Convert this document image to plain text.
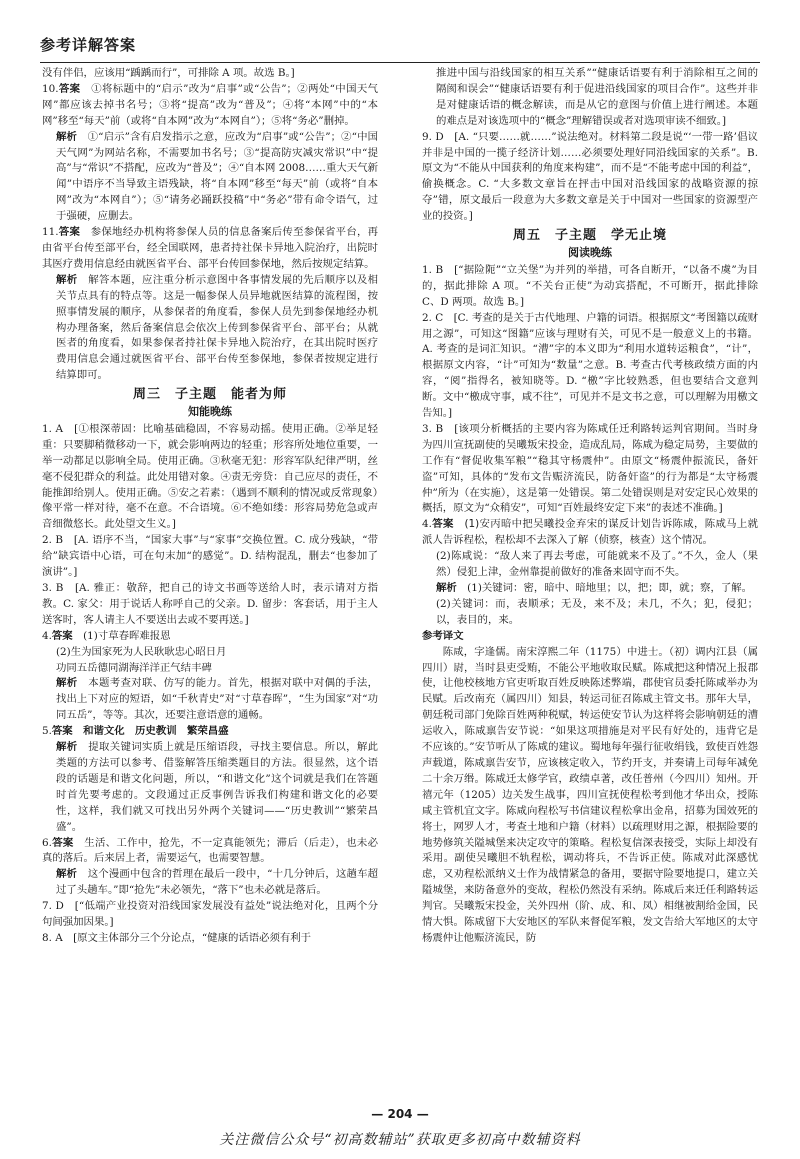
参考详解答案

没有伴侣，应该用“踽踽而行”，可排除 A 项。故选 B。]

10.答案　 ①将标题中的“启示”改为“启事”或“公告”；②两处“中国天气网”都应该去掉书名号；③将“提高”改为“普及”；④将“本网”中的“本网”移至“每天”前（或将“自本网”改为“本网自”）；⑤将“务必”删掉。

解析　 ①“启示”含有启发指示之意，应改为“启事”或“公告”；②“中国天气网”为网站名称，不需要加书名号；③“提高防灾减灾常识”中“提高”与“常识”不搭配，应改为“普及”；④“自本网 2008……重大天气新闻”中语序不当导致主语残缺，将“自本网”移至“每天”前（或将“自本网”改为“本网自”）；⑤“请务必踊跃投稿”中“务必”带有命令语气，过于强硬，应删去。

11.答案　 参保地经办机构将参保人员的信息备案后传至参保省平台，再由省平台传至部平台，经全国联网，患者持社保卡异地入院治疗，出院时其医疗费用信息经由就医省平台、部平台传回参保地，然后按规定结算。

解析　 解答本题，应注重分析示意图中各事情发展的先后顺序以及相关节点具有的特点等。这是一幅参保人员异地就医结算的流程图，按照事情发展的顺序，从参保者的角度看，参保人员先到参保地经办机构办理备案，然后备案信息会依次上传到参保省平台、部平台；从就医者的角度看，如果参保者持社保卡异地入院治疗，在其出院时医疗费用信息会通过就医省平台、部平台传至参保地，参保者按规定进行结算即可。

周三　子主题　能者为师
知能晚练

1. A　[①根深蒂固：比喻基础稳固，不容易动摇。使用正确。②举足轻重：只要脚稍微移动一下，就会影响两边的轻重；形容所处地位重要，一举一动都足以影响全局。使用正确。③秋毫无犯：形容军队纪律严明，丝毫不侵犯群众的利益。此处用错对象。④责无旁贷：自己应尽的责任，不能推卸给别人。使用正确。⑤安之若素：（遇到不顺利的情况或反常现象）像平常一样对待，毫不在意。不合语境。⑥不绝如缕：形容局势危急或声音细微悠长。此处望文生义。]

2. B　[A. 语序不当，“国家大事”与“家事”交换位置。C. 成分残缺，“带给”缺宾语中心语，可在句末加“的感觉”。D. 结构混乱，删去“也参加了演讲”。]

3. B　[A. 雅正：敬辞，把自己的诗文书画等送给人时，表示请对方指教。C. 家父：用于说话人称呼自己的父亲。D. 留步：客套话，用于主人送客时，客人请主人不要送出去或不要再送。]

4.答案　 (1)寸草春晖难报恩

(2)生为国家死为人民耿耿忠心昭日月

功同五岳德同湖海洋洋正气结丰碑

解析　 本题考查对联、仿写的能力。首先，根据对联中对偶的手法，找出上下对应的短语，如“千秋青史”对“寸草春晖”，“生为国家”对“功同五岳”，等等。其次，还要注意语意的通畅。

5.答案　 和谐文化　历史教训　繁荣昌盛

解析　 提取关键词实质上就是压缩语段，寻找主要信息。所以，解此类题的方法可以参考、借鉴解答压缩类题目的方法。很显然，这个语段的话题是和谐文化问题，所以，“和谐文化”这个词就是我们在答题时首先要考虑的。文段通过正反事例告诉我们构建和谐文化的必要性，这样，我们就又可找出另外两个关键词——“历史教训”“繁荣昌盛”。

6.答案　 生活、工作中，抢先，不一定真能领先；滞后（后走），也未必真的落后。后来居上者，需要运气，也需要智慧。

解析　 这个漫画中包含的哲理在最后一段中，“十几分钟后，这趟车超过了头趟车。”即“抢先”未必领先，“落下”也未必就是落后。

7. D　[“低端产业投资对沿线国家发展没有益处”说法绝对化，且两个分句间强加因果。]

8. A　[原文主体部分三个分论点，“健康的话语必须有利于

推进中国与沿线国家的相互关系”“健康话语要有利于消除相互之间的隔阂和误会”“健康话语要有利于促进沿线国家的项目合作”。这些并非是对健康话语的概念解读，而是从它的意图与价值上进行阐述。本题的难点是对该选项中的“概念”理解错误或者对选项审读不细致。]

9. D　[A. “只要……就……”说法绝对。材料第二段是说“‘一带一路’倡议并非是中国的一揽子经济计划……必须要处理好同沿线国家的关系”。B. 原文为“不能从中国获利的角度来构建”，而不是“不能考虑中国的利益”，偷换概念。C. “大多数文章旨在抨击中国对沿线国家的战略资源的掠夺”错，原文最后一段意为大多数文章是关于中国对一些国家的资源型产业的投资。]

周五　子主题　学无止境
阅读晚练

1. B　[“据险阨”“立关堡”为并列的举措，可各自断开，“以备不虞”为目的，据此排除 A 项。“不关台正使”为动宾搭配，不可断开，据此排除 C、D 两项。故选 B。]

2. C　[C. 考查的是关于古代地理、户籍的词语。根据原文“考图籍以疏财用之源”，可知这“图籍”应该与理财有关，可见不是一般意义上的书籍。A. 考查的是词汇知识。“漕”字的本义即为“利用水道转运粮食”，“计”，根据原文内容，“计”可知为“数量”之意。B. 考查古代考核政绩方面的内容，“阅”指得名，被知晓等。D. “檄”字比较熟悉，但也要结合文意判断。文中“檄成守事，咸不往”，可见并不是文书之意，可以理解为用檄文告知。]

3. B　[该项分析概括的主要内容为陈咸任迁利路转运判官期间。当时身为四川宣抚副使的吴曦叛宋投金，造成乱局，陈咸为稳定局势，主要做的工作有“督促收集军粮”“稳其守杨震仲”。由原文“杨震仲振流民，备奸盗”可知，具体的“发布文告赈济流民，防备奸盗”的行为都是“太守杨震仲”所为（在实施），这是第一处错误。第二处错误则是对安定民心效果的概括，原文为“众稍安”，可知“百姓最终安定下来”的表述不准确。]

4.答案　 (1)安丙暗中把吴曦投金弃宋的谋反计划告诉陈咸，陈咸马上就派人告诉程松，程松却不去深入了解（侦察，核查）这个情况。

(2)陈咸说：“敌人来了再去考虑，可能就来不及了。”不久，金人（果然）侵犯上津，金州靠提前做好的准备来固守而不失。

解析　 (1)关键词：密，暗中、暗地里；以，把；即，就；察，了解。

(2)关键词：而，表顺承；无及，来不及；未几，不久；犯，侵犯；以，表目的，来。

参考译文

陈咸，字逢儒。南宋淳熙二年（1175）中进士。（初）调内江县（属四川）尉，当时县吏受贿，不能公平地收取民赋。陈咸把这种情况上报郡使，让他校核地方官吏听取百姓反映陈述弊端，郡使官员委托陈咸举办为民赋。后改南充（属四川）知县，转运司征召陈咸主管文书。那年大旱，朝廷税司部门免除百姓两种税赋，转运使安节认为这样将会影响朝廷的漕运收入，陈咸禀告安节说：“如果这项措施是对平民有好处的，违背它是不应该的。”安节听从了陈咸的建议。蜀地每年强行征收绢钱，致使百姓怨声载道，陈咸禀告安节，应该核定收入，节约开支，并奏请上司每年减免二十余万缗。陈咸迁太修学官，政绩卓著，改任普州（今四川）知州。开禧元年（1205）边关发生战事，四川宣抚使程松考到他才华出众，授陈咸主管机宜文字。陈咸向程松写书信建议程松拿出金帛，招募为国效死的将士，网罗人才，考查土地和户籍（材料）以疏理财用之源，根据险要的地势修筑关隘城堡来决定攻守的策略。程松复信深表接受，实际上却没有采用。副使吴曦胆不轨程松，调动将兵，不告诉正使。陈咸对此深感忧虑，又劝程松派纳义士作为战情紧急的备用，要据守险要地提口，建立关隘城堡，来防备意外的变故，程松仍然没有采纳。陈咸后来迁任利路转运判官。吴曦叛宋投金，关外四州（阶、成、和、凤）相继被割给金国，民情大惧。陈咸留下大安地区的军队来督促军粮，发文告给大军地区的太守杨震仲让他赈济流民，防

— 204 —
关注微信公众号“初高数辅站”获取更多初高中数辅资料
